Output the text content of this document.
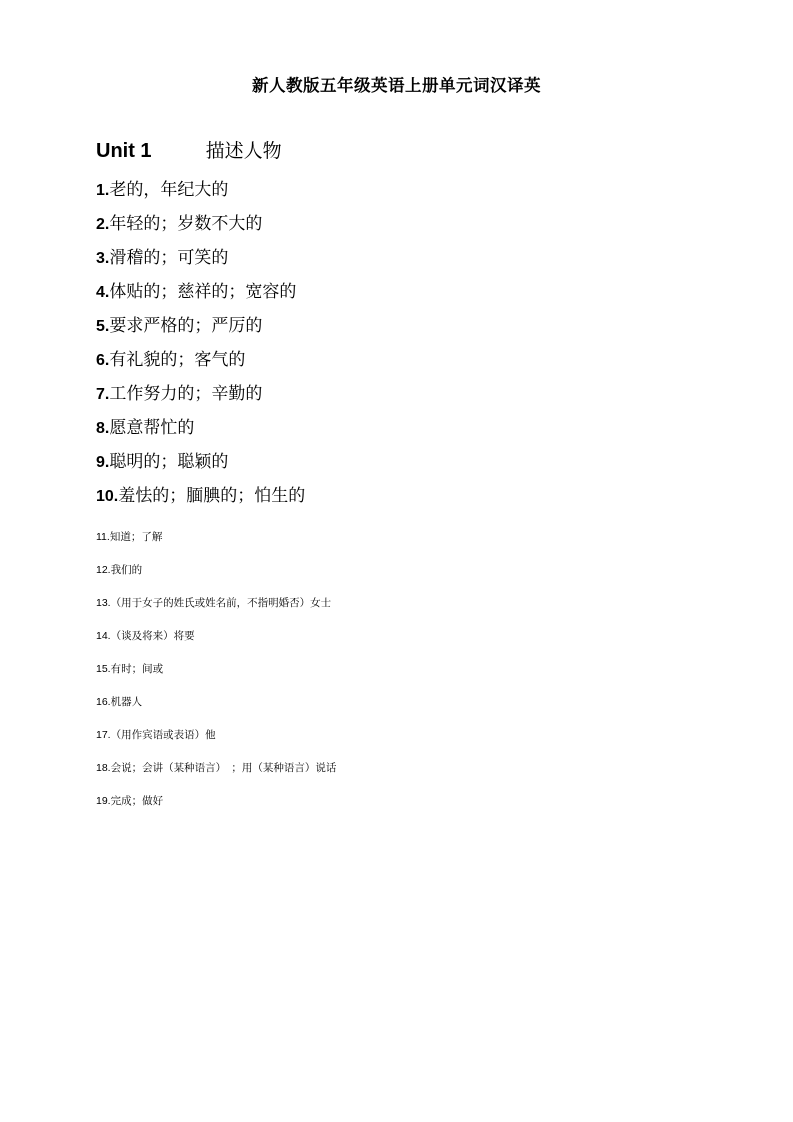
新人教版五年级英语上册单元词汉译英
Unit 1	描述人物
1.老的，年纪大的
2.年轻的；岁数不大的
3.滑稽的；可笑的
4.体贴的；慈祥的；宽容的
5.要求严格的；严厉的
6.有礼貌的；客气的
7.工作努力的；辛勤的
8.愿意帮忙的
9.聪明的；聪颖的
10.羞怯的；腼腆的；怕生的
11.知道；了解
12.我们的
13.（用于女子的姓氏或姓名前，不指明婚否）女士
14.（谈及将来）将要
15.有时；间或
16.机器人
17.（用作宾语或表语）他
18.会说；会讲（某种语言）　；用（某种语言）说话
19.完成；做好
